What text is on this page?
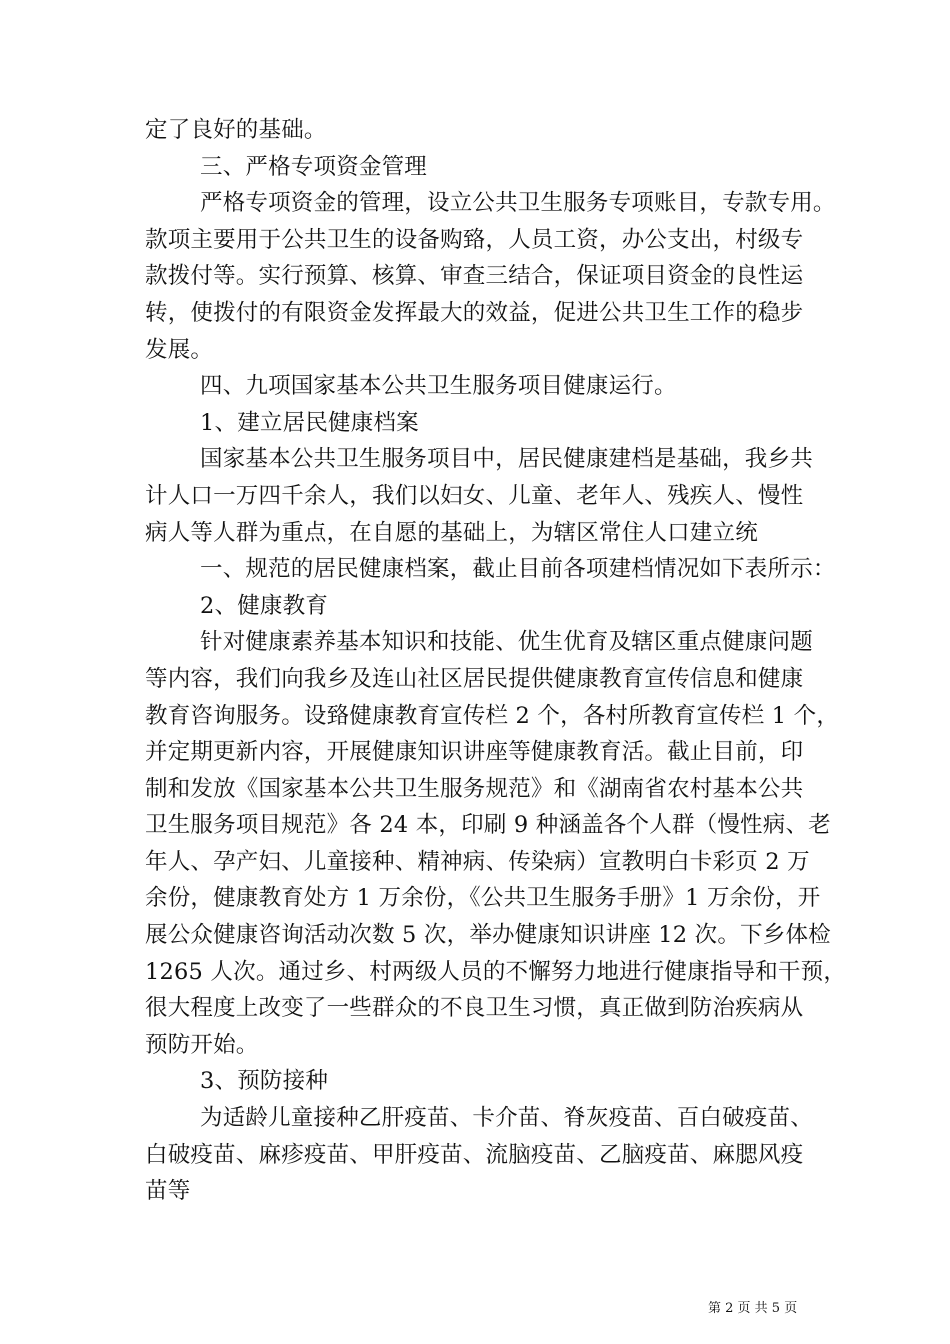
定了良好的基础。
三、严格专项资金管理
严格专项资金的管理，设立公共卫生服务专项账目，专款专用。
款项主要用于公共卫生的设备购臵，人员工资，办公支出，村级专
款拨付等。实行预算、核算、审查三结合，保证项目资金的良性运
转，使拨付的有限资金发挥最大的效益，促进公共卫生工作的稳步
发展。
四、九项国家基本公共卫生服务项目健康运行。
1、建立居民健康档案
国家基本公共卫生服务项目中，居民健康建档是基础，我乡共
计人口一万四千余人，我们以妇女、儿童、老年人、残疾人、慢性
病人等人群为重点，在自愿的基础上，为辖区常住人口建立统
一、规范的居民健康档案，截止目前各项建档情况如下表所示：
2、健康教育
针对健康素养基本知识和技能、优生优育及辖区重点健康问题
等内容，我们向我乡及连山社区居民提供健康教育宣传信息和健康
教育咨询服务。设臵健康教育宣传栏 2 个，各村所教育宣传栏 1 个，
并定期更新内容，开展健康知识讲座等健康教育活。截止目前，印
制和发放《国家基本公共卫生服务规范》和《湖南省农村基本公共
卫生服务项目规范》各 24 本，印刷 9 种涵盖各个人群（慢性病、老
年人、孕产妇、儿童接种、精神病、传染病）宣教明白卡彩页 2 万
余份，健康教育处方 1 万余份，《公共卫生服务手册》1 万余份，开
展公众健康咨询活动次数 5 次，举办健康知识讲座 12 次。下乡体检
1265 人次。通过乡、村两级人员的不懈努力地进行健康指导和干预，
很大程度上改变了一些群众的不良卫生习惯，真正做到防治疾病从
预防开始。
3、预防接种
为适龄儿童接种乙肝疫苗、卡介苗、脊灰疫苗、百白破疫苗、
白破疫苗、麻疹疫苗、甲肝疫苗、流脑疫苗、乙脑疫苗、麻腮风疫
苗等
第 2 页 共 5 页
